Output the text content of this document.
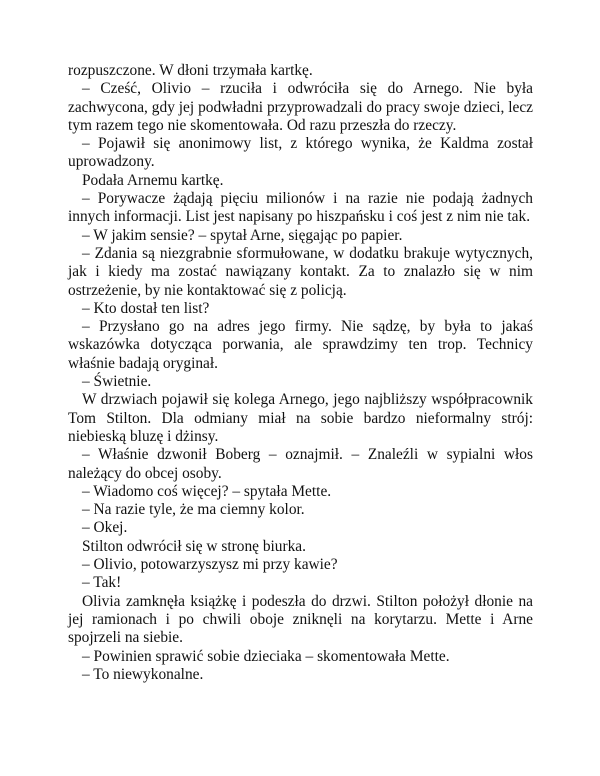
rozpuszczone. W dłoni trzymała kartkę.

– Cześć, Olivio – rzuciła i odwróciła się do Arnego. Nie była zachwycona, gdy jej podwładni przyprowadzali do pracy swoje dzieci, lecz tym razem tego nie skomentowała. Od razu przeszła do rzeczy.

– Pojawił się anonimowy list, z którego wynika, że Kaldma został uprowadzony.

Podała Arnemu kartkę.

– Porywacze żądają pięciu milionów i na razie nie podają żadnych innych informacji. List jest napisany po hiszpańsku i coś jest z nim nie tak.

– W jakim sensie? – spytał Arne, sięgając po papier.

– Zdania są niezgrabnie sformułowane, w dodatku brakuje wytycznych, jak i kiedy ma zostać nawiązany kontakt. Za to znalazło się w nim ostrzeżenie, by nie kontaktować się z policją.

– Kto dostał ten list?

– Przysłano go na adres jego firmy. Nie sądzę, by była to jakaś wskazówka dotycząca porwania, ale sprawdzimy ten trop. Technicy właśnie badają oryginał.

– Świetnie.

W drzwiach pojawił się kolega Arnego, jego najbliższy współpracownik Tom Stilton. Dla odmiany miał na sobie bardzo nieformalny strój: niebieską bluzę i dżinsy.

– Właśnie dzwonił Boberg – oznajmił. – Znaleźli w sypialni włos należący do obcej osoby.

– Wiadomo coś więcej? – spytała Mette.

– Na razie tyle, że ma ciemny kolor.

– Okej.

Stilton odwrócił się w stronę biurka.

– Olivio, potowarzyszysz mi przy kawie?

– Tak!

Olivia zamknęła książkę i podeszła do drzwi. Stilton położył dłonie na jej ramionach i po chwili oboje zniknęli na korytarzu. Mette i Arne spojrzeli na siebie.

– Powinien sprawić sobie dzieciaka – skomentowała Mette.

– To niewykonalne.
